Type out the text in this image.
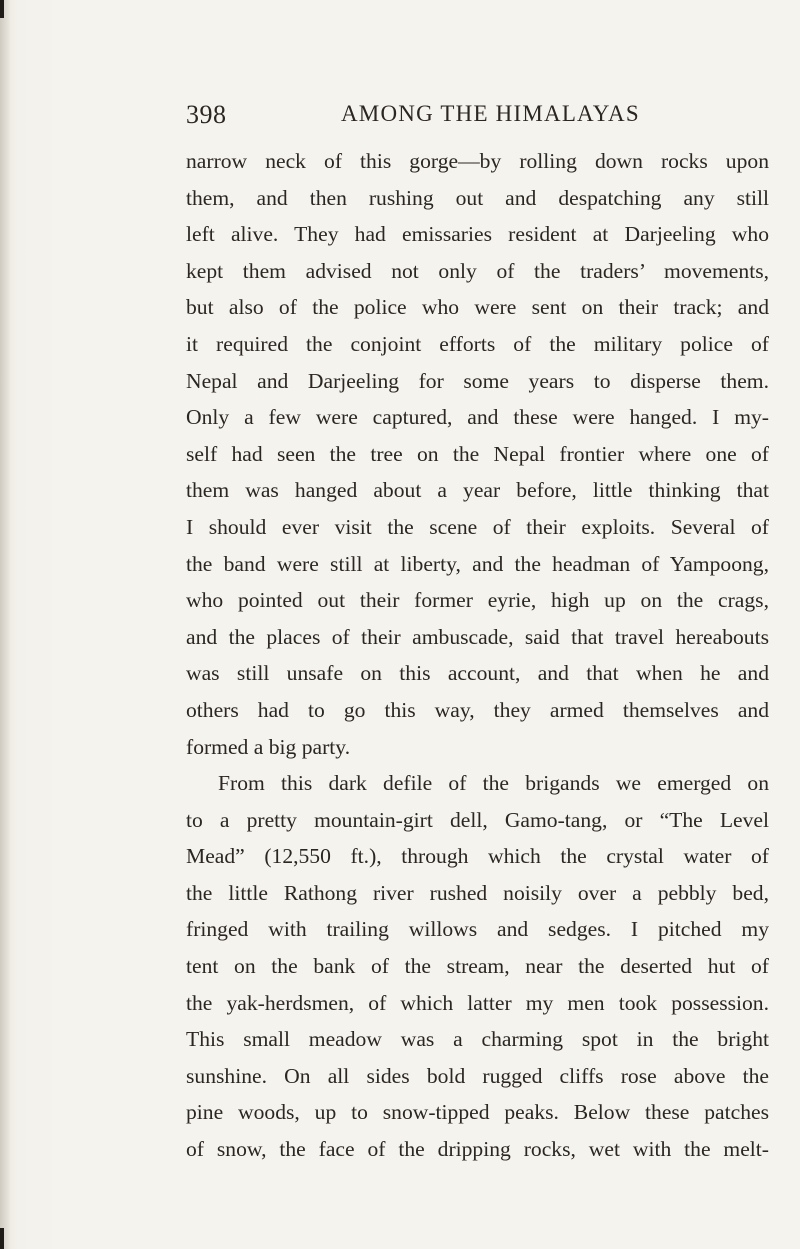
398	AMONG THE HIMALAYAS
narrow neck of this gorge—by rolling down rocks upon
them, and then rushing out and despatching any still
left alive. They had emissaries resident at Darjeeling who
kept them advised not only of the traders’ movements,
but also of the police who were sent on their track; and
it required the conjoint efforts of the military police of
Nepal and Darjeeling for some years to disperse them.
Only a few were captured, and these were hanged. I my-
self had seen the tree on the Nepal frontier where one of
them was hanged about a year before, little thinking that
I should ever visit the scene of their exploits. Several of
the band were still at liberty, and the headman of Yampoong,
who pointed out their former eyrie, high up on the crags,
and the places of their ambuscade, said that travel hereabouts
was still unsafe on this account, and that when he and
others had to go this way, they armed themselves and
formed a big party.
From this dark defile of the brigands we emerged on
to a pretty mountain-girt dell, Gamo-tang, or “The Level
Mead” (12,550 ft.), through which the crystal water of
the little Rathong river rushed noisily over a pebbly bed,
fringed with trailing willows and sedges. I pitched my
tent on the bank of the stream, near the deserted hut of
the yak-herdsmen, of which latter my men took possession.
This small meadow was a charming spot in the bright
sunshine. On all sides bold rugged cliffs rose above the
pine woods, up to snow-tipped peaks. Below these patches
of snow, the face of the dripping rocks, wet with the melt-
